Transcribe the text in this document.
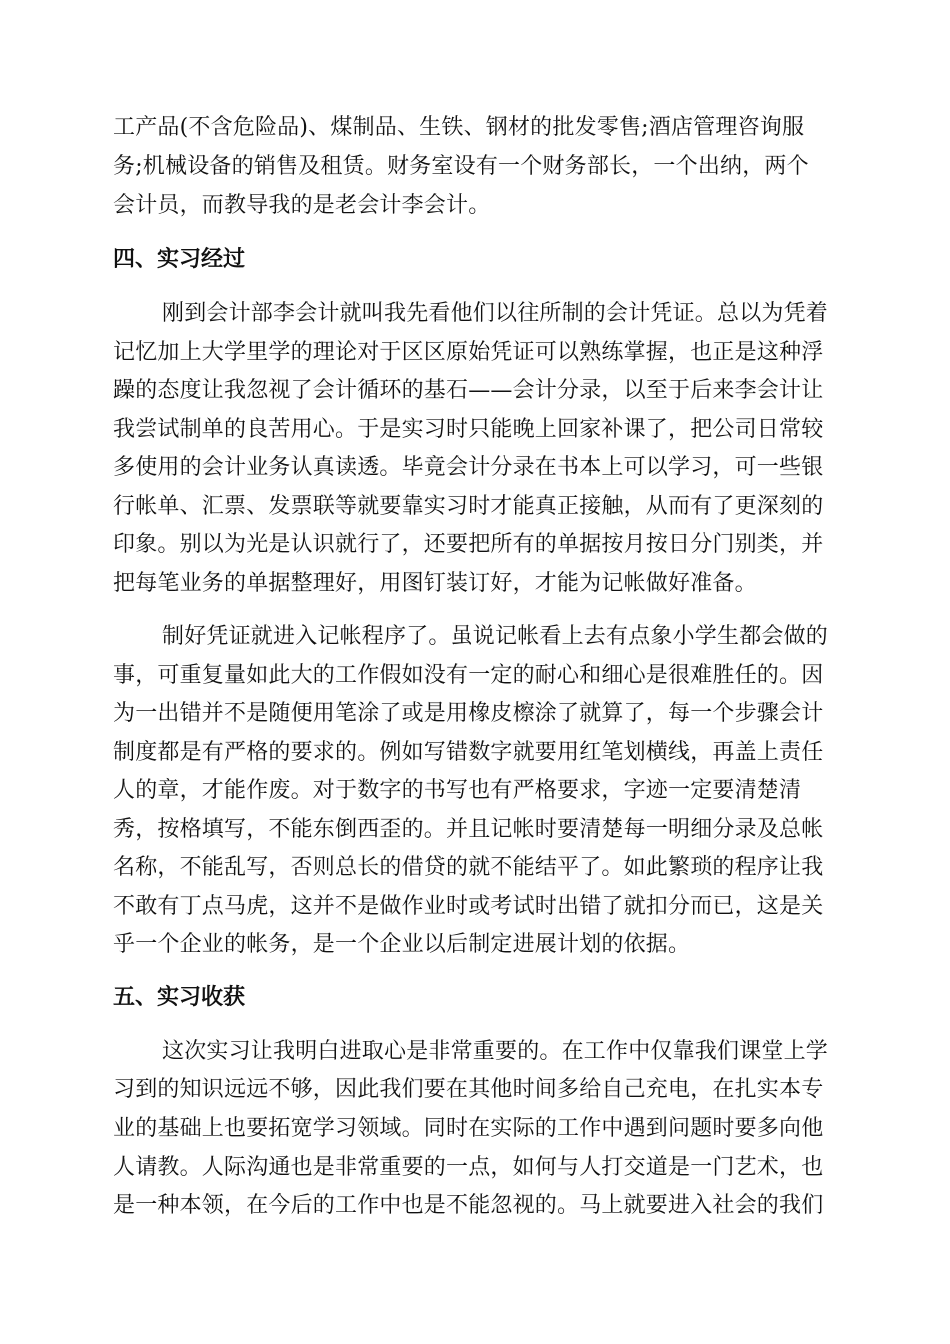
工产品(不含危险品)、煤制品、生铁、钢材的批发零售;酒店管理咨询服
务;机械设备的销售及租赁。财务室设有一个财务部长，一个出纳，两个
会计员，而教导我的是老会计李会计。
四、实习经过
刚到会计部李会计就叫我先看他们以往所制的会计凭证。总以为凭着
记忆加上大学里学的理论对于区区原始凭证可以熟练掌握，也正是这种浮
躁的态度让我忽视了会计循环的基石——会计分录，以至于后来李会计让
我尝试制单的良苦用心。于是实习时只能晚上回家补课了，把公司日常较
多使用的会计业务认真读透。毕竟会计分录在书本上可以学习，可一些银
行帐单、汇票、发票联等就要靠实习时才能真正接触，从而有了更深刻的
印象。别以为光是认识就行了，还要把所有的单据按月按日分门别类，并
把每笔业务的单据整理好，用图钉装订好，才能为记帐做好准备。
制好凭证就进入记帐程序了。虽说记帐看上去有点象小学生都会做的
事，可重复量如此大的工作假如没有一定的耐心和细心是很难胜任的。因
为一出错并不是随便用笔涂了或是用橡皮檫涂了就算了，每一个步骤会计
制度都是有严格的要求的。例如写错数字就要用红笔划横线，再盖上责任
人的章，才能作废。对于数字的书写也有严格要求，字迹一定要清楚清
秀，按格填写，不能东倒西歪的。并且记帐时要清楚每一明细分录及总帐
名称，不能乱写，否则总长的借贷的就不能结平了。如此繁琐的程序让我
不敢有丁点马虎，这并不是做作业时或考试时出错了就扣分而已，这是关
乎一个企业的帐务，是一个企业以后制定进展计划的依据。
五、实习收获
这次实习让我明白进取心是非常重要的。在工作中仅靠我们课堂上学
习到的知识远远不够，因此我们要在其他时间多给自己充电，在扎实本专
业的基础上也要拓宽学习领域。同时在实际的工作中遇到问题时要多向他
人请教。人际沟通也是非常重要的一点，如何与人打交道是一门艺术，也
是一种本领，在今后的工作中也是不能忽视的。马上就要进入社会的我们
